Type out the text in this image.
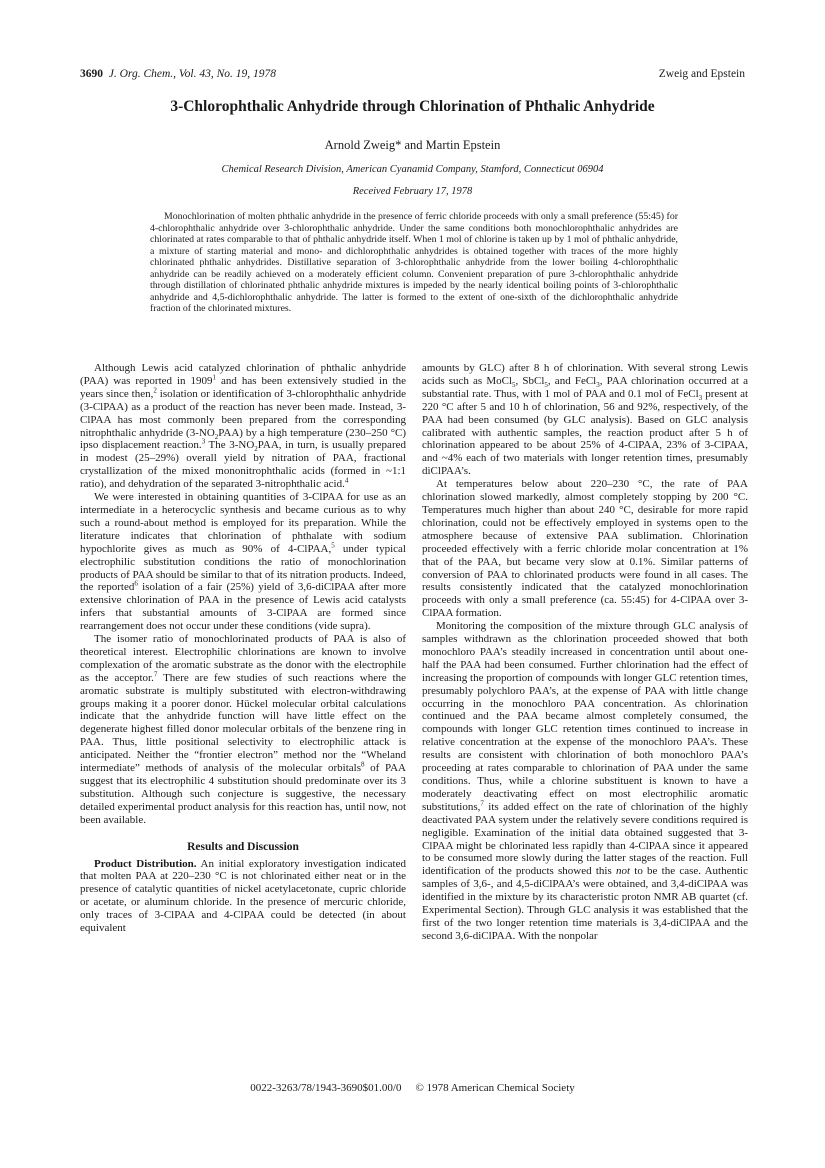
3690 J. Org. Chem., Vol. 43, No. 19, 1978	Zweig and Epstein
3-Chlorophthalic Anhydride through Chlorination of Phthalic Anhydride
Arnold Zweig* and Martin Epstein
Chemical Research Division, American Cyanamid Company, Stamford, Connecticut 06904
Received February 17, 1978

Monochlorination of molten phthalic anhydride in the presence of ferric chloride proceeds with only a small preference (55:45) for 4-chlorophthalic anhydride over 3-chlorophthalic anhydride. Under the same conditions both monochlorophthalic anhydrides are chlorinated at rates comparable to that of phthalic anhydride itself. When 1 mol of chlorine is taken up by 1 mol of phthalic anhydride, a mixture of starting material and mono- and dichlorophthalic anhydrides is obtained together with traces of the more highly chlorinated phthalic anhydrides. Distillative separation of 3-chlorophthalic anhydride from the lower boiling 4-chlorophthalic anhydride can be readily achieved on a moderately efficient column. Convenient preparation of pure 3-chlorophthalic anhydride through distillation of chlorinated phthalic anhydride mixtures is impeded by the nearly identical boiling points of 3-chlorophthalic anhydride and 4,5-dichlorophthalic anhydride. The latter is formed to the extent of one-sixth of the dichlorophthalic anhydride fraction of the chlorinated mixtures.

Although Lewis acid catalyzed chlorination of phthalic anhydride (PAA) was reported in 1909$^1$ and has been extensively studied in the years since then,$^2$ isolation or identification of 3-chlorophthalic anhydride (3-ClPAA) as a product of the reaction has never been made. Instead, 3-ClPAA has most commonly been prepared from the corresponding nitrophthalic anhydride $(3-NO_2PAA)$ by a high temperature (230–250 °C) ipso displacement reaction.$^3$ The $3-NO_2PAA$, in turn, is usually prepared in modest (25–29%) overall yield by nitration of PAA, fractional crystallization of the mixed mononitrophthalic acids (formed in ~1:1 ratio), and dehydration of the separated 3-nitrophthalic acid.$^4$

We were interested in obtaining quantities of 3-ClPAA for use as an intermediate in a heterocyclic synthesis and became curious as to why such a round-about method is employed for its preparation. While the literature indicates that chlorination of phthalate with sodium hypochlorite gives as much as 90% of 4-ClPAA,$^5$ under typical electrophilic substitution conditions the ratio of monochlorination products of PAA should be similar to that of its nitration products. Indeed, the reported$^6$ isolation of a fair (25%) yield of 3,6-diClPAA after more extensive chlorination of PAA in the presence of Lewis acid catalysts infers that substantial amounts of 3-ClPAA are formed since rearrangement does not occur under these conditions (vide supra).

The isomer ratio of monochlorinated products of PAA is also of theoretical interest. Electrophilic chlorinations are known to involve complexation of the aromatic substrate as the donor with the electrophile as the acceptor.$^7$ There are few studies of such reactions where the aromatic substrate is multiply substituted with electron-withdrawing groups making it a poorer donor. Hückel molecular orbital calculations indicate that the anhydride function will have little effect on the degenerate highest filled donor molecular orbitals of the benzene ring in PAA. Thus, little positional selectivity to electrophilic attack is anticipated. Neither the “frontier electron” method nor the “Wheland intermediate” methods of analysis of the molecular orbitals$^8$ of PAA suggest that its electrophilic 4 substitution should predominate over its 3 substitution. Although such conjecture is suggestive, the necessary detailed experimental product analysis for this reaction has, until now, not been available.

Results and Discussion

Product Distribution. An initial exploratory investigation indicated that molten PAA at 220–230 °C is not chlorinated either neat or in the presence of catalytic quantities of nickel acetylacetonate, cupric chloride or acetate, or aluminum chloride. In the presence of mercuric chloride, only traces of 3-ClPAA and 4-ClPAA could be detected (in about equivalent

amounts by GLC) after 8 h of chlorination. With several strong Lewis acids such as MoCl$_5$, SbCl$_5$, and FeCl$_3$, PAA chlorination occurred at a substantial rate. Thus, with 1 mol of PAA and 0.1 mol of FeCl$_3$ present at 220 °C after 5 and 10 h of chlorination, 56 and 92%, respectively, of the PAA had been consumed (by GLC analysis). Based on GLC analysis calibrated with authentic samples, the reaction product after 5 h of chlorination appeared to be about 25% of 4-ClPAA, 23% of 3-ClPAA, and ~4% each of two materials with longer retention times, presumably diClPAA’s.

At temperatures below about 220–230 °C, the rate of PAA chlorination slowed markedly, almost completely stopping by 200 °C. Temperatures much higher than about 240 °C, desirable for more rapid chlorination, could not be effectively employed in systems open to the atmosphere because of extensive PAA sublimation. Chlorination proceeded effectively with a ferric chloride molar concentration at 1% that of the PAA, but became very slow at 0.1%. Similar patterns of conversion of PAA to chlorinated products were found in all cases. The results consistently indicated that the catalyzed monochlorination proceeds with only a small preference (ca. 55:45) for 4-ClPAA over 3-ClPAA formation.

Monitoring the composition of the mixture through GLC analysis of samples withdrawn as the chlorination proceeded showed that both monochloro PAA’s steadily increased in concentration until about one-half the PAA had been consumed. Further chlorination had the effect of increasing the proportion of compounds with longer GLC retention times, presumably polychloro PAA’s, at the expense of PAA with little change occurring in the monochloro PAA concentration. As chlorination continued and the PAA became almost completely consumed, the compounds with longer GLC retention times continued to increase in relative concentration at the expense of the monochloro PAA’s. These results are consistent with chlorination of both monochloro PAA’s proceeding at rates comparable to chlorination of PAA under the same conditions. Thus, while a chlorine substituent is known to have a moderately deactivating effect on most electrophilic aromatic substitutions,$^7$ its added effect on the rate of chlorination of the highly deactivated PAA system under the relatively severe conditions required is negligible. Examination of the initial data obtained suggested that 3-ClPAA might be chlorinated less rapidly than 4-ClPAA since it appeared to be consumed more slowly during the latter stages of the reaction. Full identification of the products showed this not to be the case. Authentic samples of 3,6-, and 4,5-diClPAA’s were obtained, and 3,4-diClPAA was identified in the mixture by its characteristic proton NMR AB quartet (cf. Experimental Section). Through GLC analysis it was established that the first of the two longer retention time materials is 3,4-diClPAA and the second 3,6-diClPAA. With the nonpolar

0022-3263/78/1943-3690$01.00/0 © 1978 American Chemical Society
